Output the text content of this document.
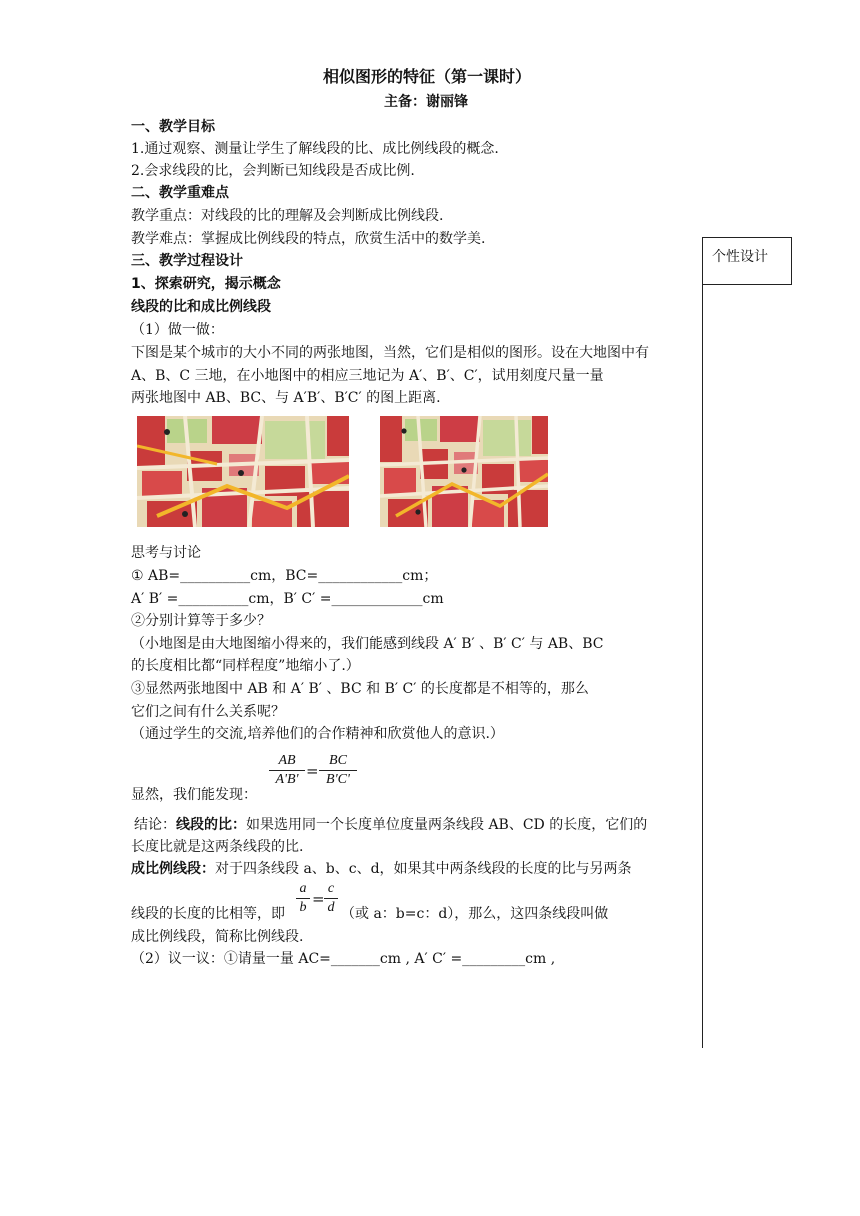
相似图形的特征（第一课时）
主备：谢丽锋
一、教学目标
1.通过观察、测量让学生了解线段的比、成比例线段的概念.
2.会求线段的比，会判断已知线段是否成比例.
二、教学重难点
教学重点：对线段的比的理解及会判断成比例线段.
教学难点：掌握成比例线段的特点，欣赏生活中的数学美.
三、教学过程设计
1、探索研究，揭示概念
线段的比和成比例线段
（1）做一做：
下图是某个城市的大小不同的两张地图，当然，它们是相似的图形。设在大地图中有
A、B、C 三地，在小地图中的相应三地记为 A′、B′、C′，试用刻度尺量一量
两张地图中 AB、BC、与 A′B′、B′C′ 的图上距离.
个性设计
思考与讨论
① AB=__________cm，BC=____________cm；
A′ B′ =__________cm，B′ C′ =_____________cm
②分别计算等于多少？
（小地图是由大地图缩小得来的，我们能感到线段 A′ B′ 、B′ C′ 与 AB、BC
的长度相比都“同样程度”地缩小了.）
③显然两张地图中 AB 和 A′ B′ 、BC 和 B′ C′ 的长度都是不相等的，那么
它们之间有什么关系呢？
（通过学生的交流,培养他们的合作精神和欣赏他人的意识.）
显然，我们能发现：
$\frac{AB}{A'B'} = \frac{BC}{B'C'}$
结论：线段的比：如果选用同一个长度单位度量两条线段 AB、CD 的长度，它们的
长度比就是这两条线段的比.
成比例线段：对于四条线段 a、b、c、d，如果其中两条线段的长度的比与另两条
线段的长度的比相等，即 $\frac{a}{b} = \frac{c}{d}$ （或 a：b=c：d），那么，这四条线段叫做
成比例线段，简称比例线段.
（2）议一议：①请量一量 AC=_______cm , A′ C′ =_________cm ,
